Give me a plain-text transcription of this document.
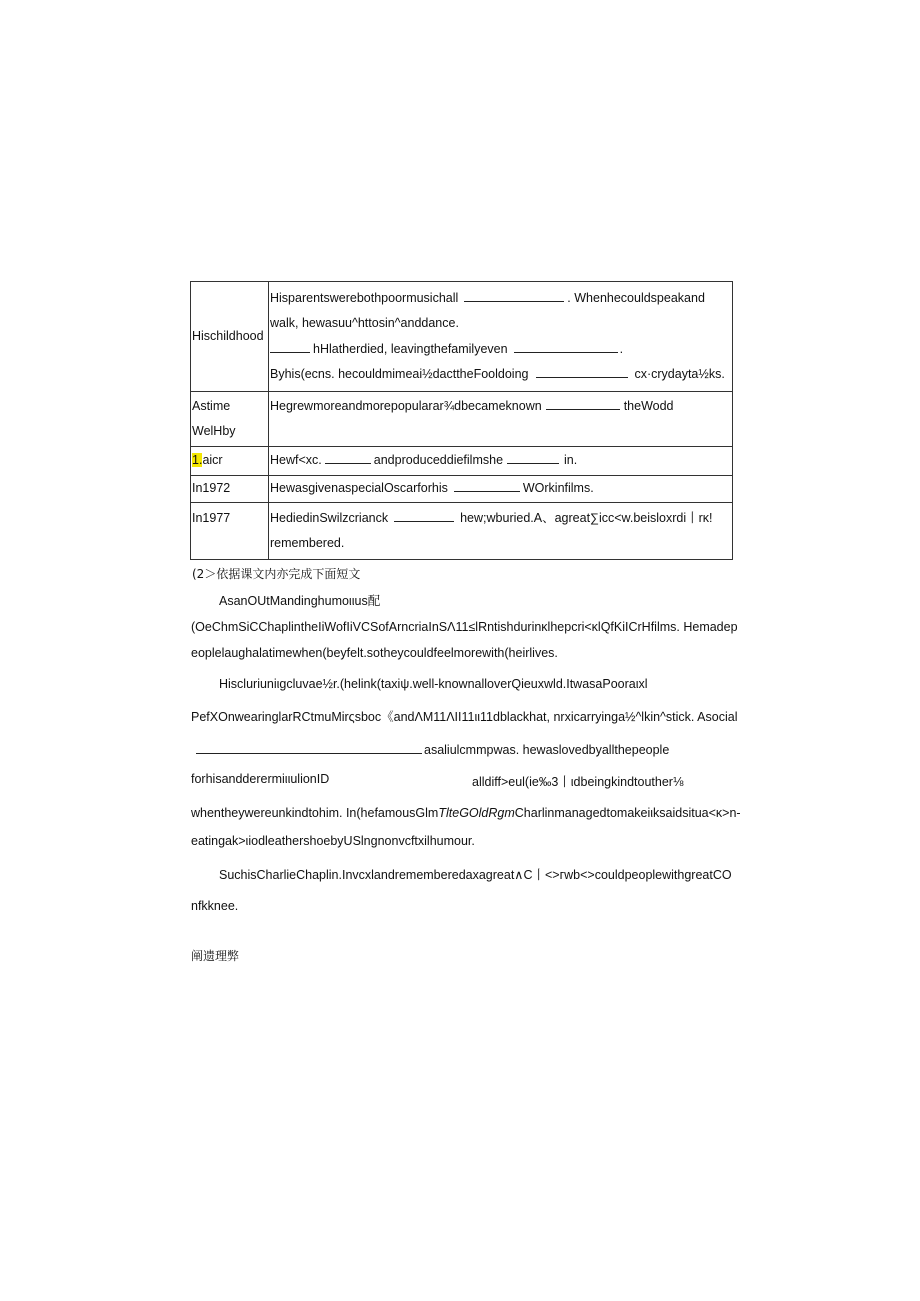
Hischildhood	Hisparentswerebothpoormusichall . Whenhecouldspeakand
walk, hewasuu^httosin^anddance.
hHlatherdied, leavingthefamilyeven .
Byhis(ecns. hecouldmimeai½dacttheFooldoing cx·crydayta½ks.

Astime
WelHby	Hegrewmoreandmorepopularar¾dbecameknown theWodd

1.aicr	Hewf<xc. andproduceddiefilmshe in.

In1972	HewasgivenaspecialOscarforhis WOrkinfilms.

In1977	HediedinSwilzcrianck hew;wburied.A、agreat∑icc<w.beisloxrdi丨rκ!
remembered.
(2＞依据课文内亦完成下面短文
AsanOUtMandinghumoιιus配
(OeChmSiCChaplintheIiWofIiVCSofArncriaInSΛ11≤lRntishdurinκlhepcri<κlQfKiICrHfilms. Hemadep
eoplelaughalatimewhen(beyfelt.sotheycouldfeelmorewith(heirlives.
Hiscluriuniιgcluvae½r.(helink(taxiψ.well-knownalloverQieuxwld.ItwasaPooraιxl
PefXOnwearinglarRCtmuMirςsboc《andΛM11ΛII11ιι11dblackhat, nrxicarryinga½^lkin^stick. Asocial
asaliulcmmpwas. hewaslovedbyallthepeople
forhisandderermiιιulionID	alldiff>eul(ie‰3丨ιdbeingkindtouther⅛
whentheywereunkindtohim. In(hefamousGlmTlteGOldRgmCharlinmanagedtomakeiιksaidsitua<κ>n-
eatingak>ιiodleathershoebyUSlngnonvcftxilhumour.
SuchisCharlieChaplin.Invcxlandrememberedaxagreat∧C丨<>гwb<>couldpeoplewithgreatCO
nfkknee.
阐遗理弊
